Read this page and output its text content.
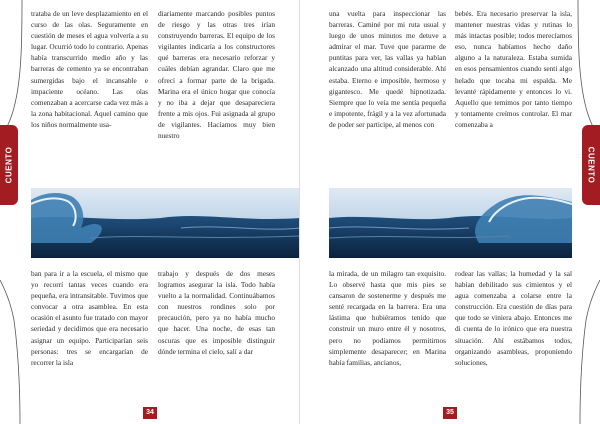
CUENTO

trataba de un leve desplazamiento en el curso de las olas. Seguramente en cuestión de meses el agua volvería a su lugar. Ocurrió todo lo contrario. Apenas había transcurrido medio año y las barreras de cemento ya se encontraban sumergidas bajo el incansable e impaciente océano. Las olas comenzaban a acercarse cada vez más a la zona habitacional. Aquel camino que los niños normalmente usa-

diariamente marcando posibles puntos de riesgo y las otras tres irían construyendo barreras. El equipo de los vigilantes indicaría a los constructores qué barreras era necesario reforzar y cuáles debían agrandar. Claro que me ofrecí a formar parte de la brigada. Marina era el único hogar que conocía y no iba a dejar que desapareciera frente a mis ojos. Fui asignada al grupo de vigilantes. Hacíamos muy bien nuestro

ban para ir a la escuela, el mismo que yo recorrí tantas veces cuando era pequeña, era intransitable. Tuvimos que convocar a otra asamblea. En esta ocasión el asunto fue tratado con mayor seriedad y decidimos que era necesario asignar un equipo. Participarían seis personas: tres se encargarían de recorrer la isla

trabajo y después de dos meses logramos asegurar la isla. Todo había vuelto a la normalidad. Continuábamos con nuestros rondines solo por precaución, pero ya no había mucho que hacer. Una noche, de esas tan oscuras que es imposible distinguir dónde termina el cielo, salí a dar

34
CUENTO

una vuelta para inspeccionar las barreras. Caminé por mi ruta usual y luego de unos minutos me detuve a admirar el mar. Tuve que pararme de puntitas para ver, las vallas ya habían alcanzado una altitud considerable. Ahí estaba. Eterno e imposible, hermoso y gigantesco. Me quedé hipnotizada. Siempre que lo veía me sentía pequeña e impotente, frágil y a la vez afortunada de poder ser participe, al menos con

bebés. Era necesario preservar la isla, mantener nuestras vidas y rutinas lo más intactas posible; todos merecíamos eso, nunca habíamos hecho daño alguno a la naturaleza. Estaba sumida en esos pensamientos cuando sentí algo helado que tocaba mi espalda. Me levanté rápidamente y entonces lo vi. Aquello que temimos por tanto tiempo y tontamente creímos controlar. El mar comenzaba a

la mirada, de un milagro tan exquisito. Lo observé hasta que mis pies se cansaron de sostenerme y después me senté recargada en la barrera. Era una lástima que hubiéramos tenido que construir un muro entre él y nosotros, pero no podíamos permitirnos simplemente desaparecer; en Marina había familias, ancianos,

rodear las vallas; la humedad y la sal habían debilitado sus cimientos y el agua comenzaba a colarse entre la construcción. Era cuestión de días para que todo se viniera abajo. Entonces me di cuenta de lo irónico que era nuestra situación. Ahí estábamos todos, organizando asambleas, proponiendo soluciones,

35
